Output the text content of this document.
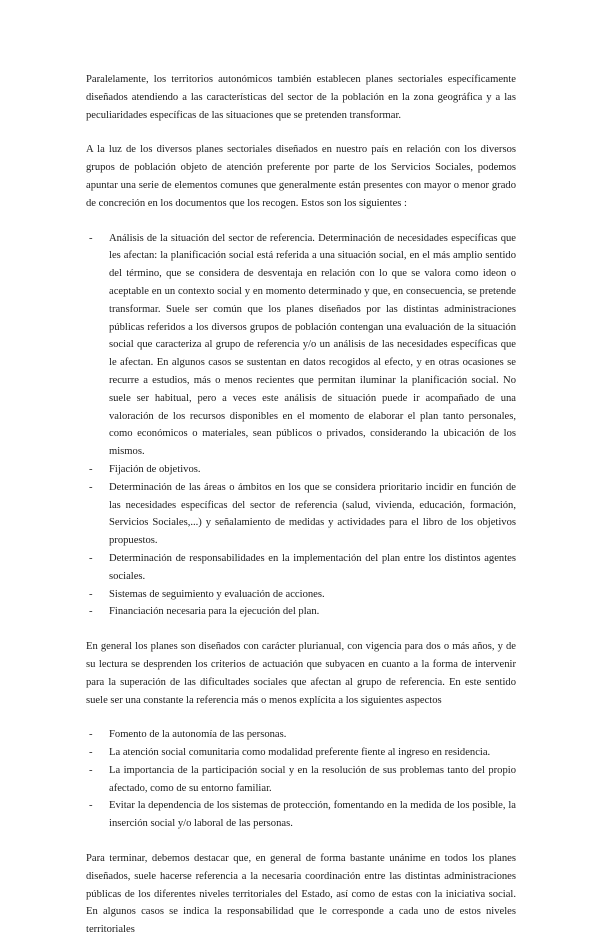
Paralelamente, los territorios autonómicos también establecen planes sectoriales específicamente diseñados atendiendo a las características del sector de la población en la zona geográfica y a las peculiaridades específicas de las situaciones que se pretenden transformar.

A la luz de los diversos planes sectoriales diseñados en nuestro país en relación con los diversos grupos de población objeto de atención preferente por parte de los Servicios Sociales, podemos apuntar una serie de elementos comunes que generalmente están presentes con mayor o menor grado de concreción en los documentos que los recogen. Estos son los siguientes :

- Análisis de la situación del sector de referencia. Determinación de necesidades específicas que les afectan: la planificación social está referida a una situación social, en el más amplio sentido del término, que se considera de desventaja en relación con lo que se valora como ideon o aceptable en un contexto social y en momento determinado y que, en consecuencia, se pretende transformar. Suele ser común que los planes diseñados por las distintas administraciones públicas referidos a los diversos grupos de población contengan una evaluación de la situación social que caracteriza al grupo de referencia y/o un análisis de las necesidades específicas que le afectan. En algunos casos se sustentan en datos recogidos al efecto, y en otras ocasiones se recurre a estudios, más o menos recientes que permitan iluminar la planificación social. No suele ser habitual, pero a veces este análisis de situación puede ir acompañado de una valoración de los recursos disponibles en el momento de elaborar el plan tanto personales, como económicos o materiales, sean públicos o privados, considerando la ubicación de los mismos.
- Fijación de objetivos.
- Determinación de las áreas o ámbitos en los que se considera prioritario incidir en función de las necesidades específicas del sector de referencia (salud, vivienda, educación, formación, Servicios Sociales,...) y señalamiento de medidas y actividades para el libro de los objetivos propuestos.
- Determinación de responsabilidades en la implementación del plan entre los distintos agentes sociales.
- Sistemas de seguimiento y evaluación de acciones.
- Financiación necesaria para la ejecución del plan.

En general los planes son diseñados con carácter plurianual, con vigencia para dos o más años, y de su lectura se desprenden los criterios de actuación que subyacen en cuanto a la forma de intervenir para la superación de las dificultades sociales que afectan al grupo de referencia. En este sentido suele ser una constante la referencia más o menos explícita a los siguientes aspectos

- Fomento de la autonomía de las personas.
- La atención social comunitaria como modalidad preferente fiente al ingreso en residencia.
- La importancia de la participación social y en la resolución de sus problemas tanto del propio afectado, como de su entorno familiar.
- Evitar la dependencia de los sistemas de protección, fomentando en la medida de los posible, la inserción social y/o laboral de las personas.

Para terminar, debemos destacar que, en general de forma bastante unánime en todos los planes diseñados, suele hacerse referencia a la necesaria coordinación entre las distintas administraciones públicas de los diferentes niveles territoriales del Estado, así como de estas con la iniciativa social. En algunos casos se indica la responsabilidad que le corresponde a cada uno de estos niveles territoriales
